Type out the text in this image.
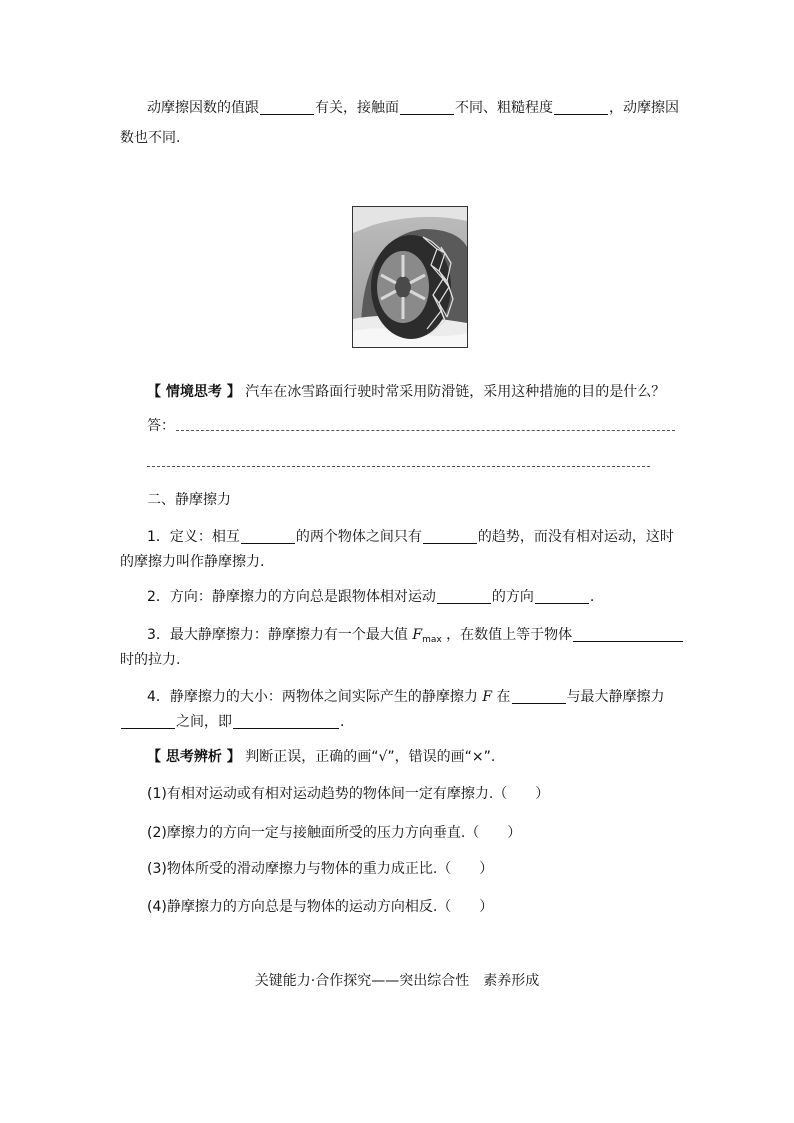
动摩擦因数的值跟	有关，接触面	不同、粗糙程度	，动摩擦因
数也不同.
【 情境思考 】 汽车在冰雪路面行驶时常采用防滑链，采用这种措施的目的是什么？
答：
二、静摩擦力
1．定义：相互	的两个物体之间只有	的趋势，而没有相对运动，这时
的摩擦力叫作静摩擦力.
2．方向：静摩擦力的方向总是跟物体相对运动	的方向	.
3．最大静摩擦力：静摩擦力有一个最大值 $F_{max}$ ，在数值上等于物体
时的拉力.
4．静摩擦力的大小：两物体之间实际产生的静摩擦力 F 在	与最大静摩擦力
之间，即	.
【 思考辨析 】 判断正误，正确的画“√”，错误的画“×”.
(1)有相对运动或有相对运动趋势的物体间一定有摩擦力.（　　）
(2)摩擦力的方向一定与接触面所受的压力方向垂直.（　　）
(3)物体所受的滑动摩擦力与物体的重力成正比.（　　）
(4)静摩擦力的方向总是与物体的运动方向相反.（　　）
关键能力·合作探究——突出综合性　素养形成
